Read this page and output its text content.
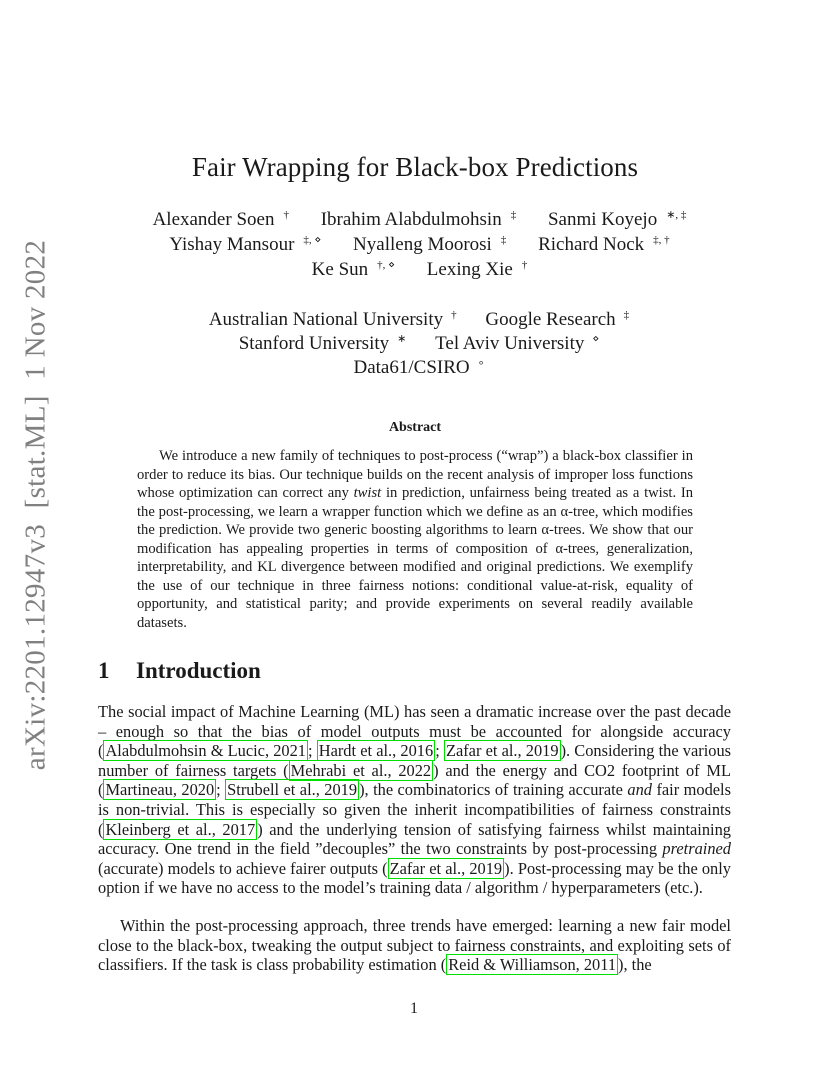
arXiv:2201.12947v3 [stat.ML] 1 Nov 2022
Fair Wrapping for Black-box Predictions
Alexander Soen † Ibrahim Alabdulmohsin ‡ Sanmi Koyejo ∗, ‡
Yishay Mansour ‡, ⋄ Nyalleng Moorosi ‡ Richard Nock ‡, †
Ke Sun †, ⋄ Lexing Xie †
Australian National University † Google Research ‡
Stanford University ∗ Tel Aviv University ⋄
Data61/CSIRO ∘
Abstract
We introduce a new family of techniques to post-process (“wrap”) a black-box classifier in order to reduce its bias. Our technique builds on the recent analysis of improper loss functions whose optimization can correct any twist in prediction, unfairness being treated as a twist. In the post-processing, we learn a wrapper function which we define as an α-tree, which modifies the prediction. We provide two generic boosting algorithms to learn α-trees. We show that our modification has appealing properties in terms of composition of α-trees, generalization, interpretability, and KL divergence between modified and original predictions. We exemplify the use of our technique in three fairness notions: conditional value-at-risk, equality of opportunity, and statistical parity; and provide experiments on several readily available datasets.
1 Introduction
The social impact of Machine Learning (ML) has seen a dramatic increase over the past decade – enough so that the bias of model outputs must be accounted for alongside accuracy ( Alabdulmohsin & Lucic, 2021 ; Hardt et al., 2016 ; Zafar et al., 2019 ). Considering the various number of fairness targets ( Mehrabi et al., 2022 ) and the energy and CO2 footprint of ML ( Martineau, 2020 ; Strubell et al., 2019 ), the combinatorics of training accurate and fair models is non-trivial. This is especially so given the inherit incompatibilities of fairness constraints ( Kleinberg et al., 2017 ) and the underlying tension of satisfying fairness whilst maintaining accuracy. One trend in the field ”decouples” the two constraints by post-processing pretrained (accurate) models to achieve fairer outputs ( Zafar et al., 2019 ). Post-processing may be the only option if we have no access to the model’s training data / algorithm / hyperparameters (etc.).
Within the post-processing approach, three trends have emerged: learning a new fair model close to the black-box, tweaking the output subject to fairness constraints, and exploiting sets of classifiers. If the task is class probability estimation ( Reid & Williamson, 2011 ), the
1
